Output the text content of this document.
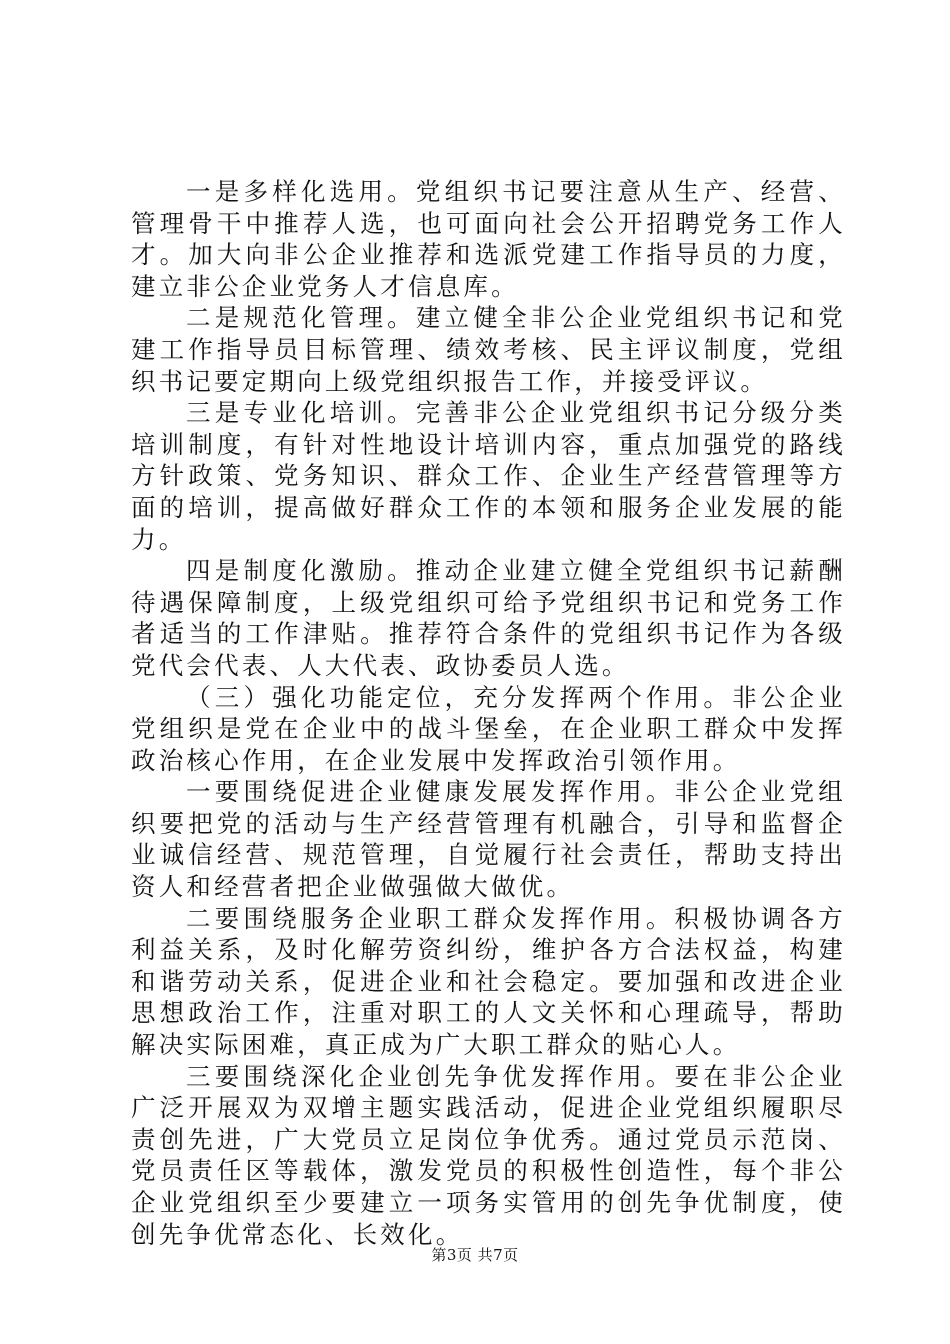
一是多样化选用。党组织书记要注意从生产、经营、管理骨干中推荐人选，也可面向社会公开招聘党务工作人才。加大向非公企业推荐和选派党建工作指导员的力度，建立非公企业党务人才信息库。

二是规范化管理。建立健全非公企业党组织书记和党建工作指导员目标管理、绩效考核、民主评议制度，党组织书记要定期向上级党组织报告工作，并接受评议。

三是专业化培训。完善非公企业党组织书记分级分类培训制度，有针对性地设计培训内容，重点加强党的路线方针政策、党务知识、群众工作、企业生产经营管理等方面的培训，提高做好群众工作的本领和服务企业发展的能力。

四是制度化激励。推动企业建立健全党组织书记薪酬待遇保障制度，上级党组织可给予党组织书记和党务工作者适当的工作津贴。推荐符合条件的党组织书记作为各级党代会代表、人大代表、政协委员人选。

（三）强化功能定位，充分发挥两个作用。非公企业党组织是党在企业中的战斗堡垒，在企业职工群众中发挥政治核心作用，在企业发展中发挥政治引领作用。

一要围绕促进企业健康发展发挥作用。非公企业党组织要把党的活动与生产经营管理有机融合，引导和监督企业诚信经营、规范管理，自觉履行社会责任，帮助支持出资人和经营者把企业做强做大做优。

二要围绕服务企业职工群众发挥作用。积极协调各方利益关系，及时化解劳资纠纷，维护各方合法权益，构建和谐劳动关系，促进企业和社会稳定。要加强和改进企业思想政治工作，注重对职工的人文关怀和心理疏导，帮助解决实际困难，真正成为广大职工群众的贴心人。

三要围绕深化企业创先争优发挥作用。要在非公企业广泛开展双为双增主题实践活动，促进企业党组织履职尽责创先进，广大党员立足岗位争优秀。通过党员示范岗、党员责任区等载体，激发党员的积极性创造性，每个非公企业党组织至少要建立一项务实管用的创先争优制度，使创先争优常态化、长效化。

第3页 共7页
